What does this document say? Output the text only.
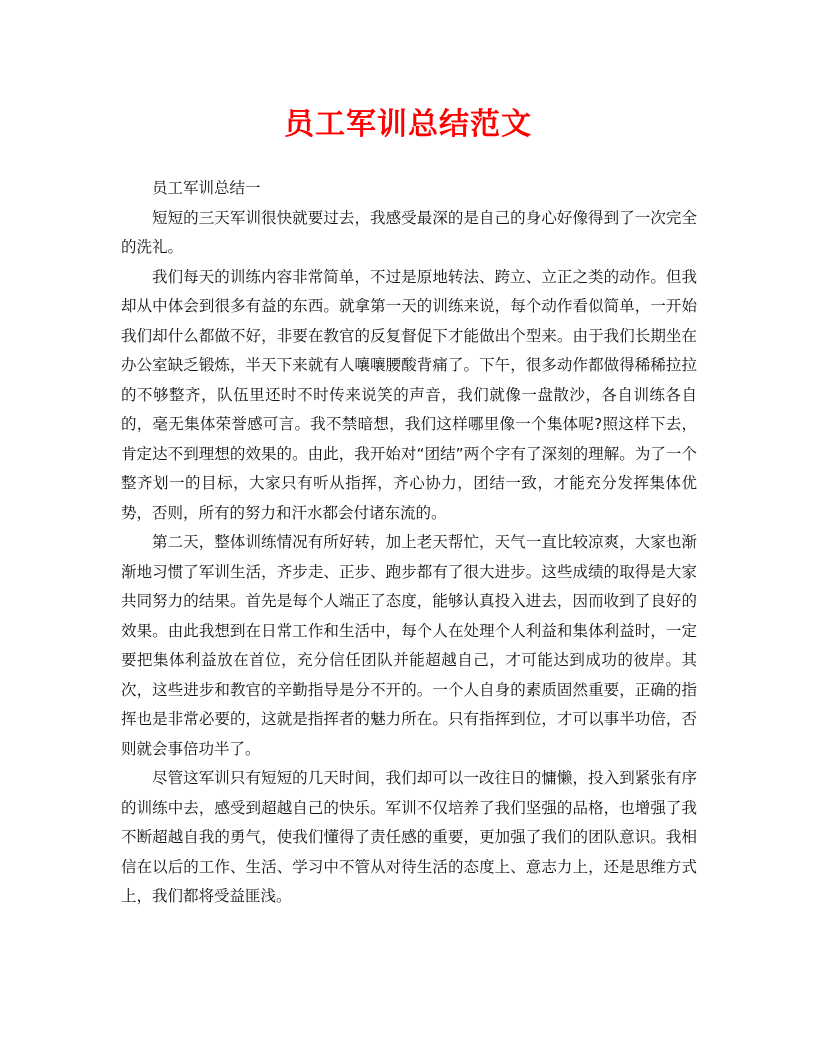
员工军训总结范文

员工军训总结一

短短的三天军训很快就要过去，我感受最深的是自己的身心好像得到了一次完全的洗礼。

我们每天的训练内容非常简单，不过是原地转法、跨立、立正之类的动作。但我却从中体会到很多有益的东西。就拿第一天的训练来说，每个动作看似简单，一开始我们却什么都做不好，非要在教官的反复督促下才能做出个型来。由于我们长期坐在办公室缺乏锻炼，半天下来就有人嚷嚷腰酸背痛了。下午，很多动作都做得稀稀拉拉的不够整齐，队伍里还时不时传来说笑的声音，我们就像一盘散沙，各自训练各自的，毫无集体荣誉感可言。我不禁暗想，我们这样哪里像一个集体呢?照这样下去，肯定达不到理想的效果的。由此，我开始对“团结”两个字有了深刻的理解。为了一个整齐划一的目标，大家只有听从指挥，齐心协力，团结一致，才能充分发挥集体优势，否则，所有的努力和汗水都会付诸东流的。

第二天，整体训练情况有所好转，加上老天帮忙，天气一直比较凉爽，大家也渐渐地习惯了军训生活，齐步走、正步、跑步都有了很大进步。这些成绩的取得是大家共同努力的结果。首先是每个人端正了态度，能够认真投入进去，因而收到了良好的效果。由此我想到在日常工作和生活中，每个人在处理个人利益和集体利益时，一定要把集体利益放在首位，充分信任团队并能超越自己，才可能达到成功的彼岸。其次，这些进步和教官的辛勤指导是分不开的。一个人自身的素质固然重要，正确的指挥也是非常必要的，这就是指挥者的魅力所在。只有指挥到位，才可以事半功倍，否则就会事倍功半了。

尽管这军训只有短短的几天时间，我们却可以一改往日的慵懒，投入到紧张有序的训练中去，感受到超越自己的快乐。军训不仅培养了我们坚强的品格，也增强了我不断超越自我的勇气，使我们懂得了责任感的重要，更加强了我们的团队意识。我相信在以后的工作、生活、学习中不管从对待生活的态度上、意志力上，还是思维方式上，我们都将受益匪浅。
